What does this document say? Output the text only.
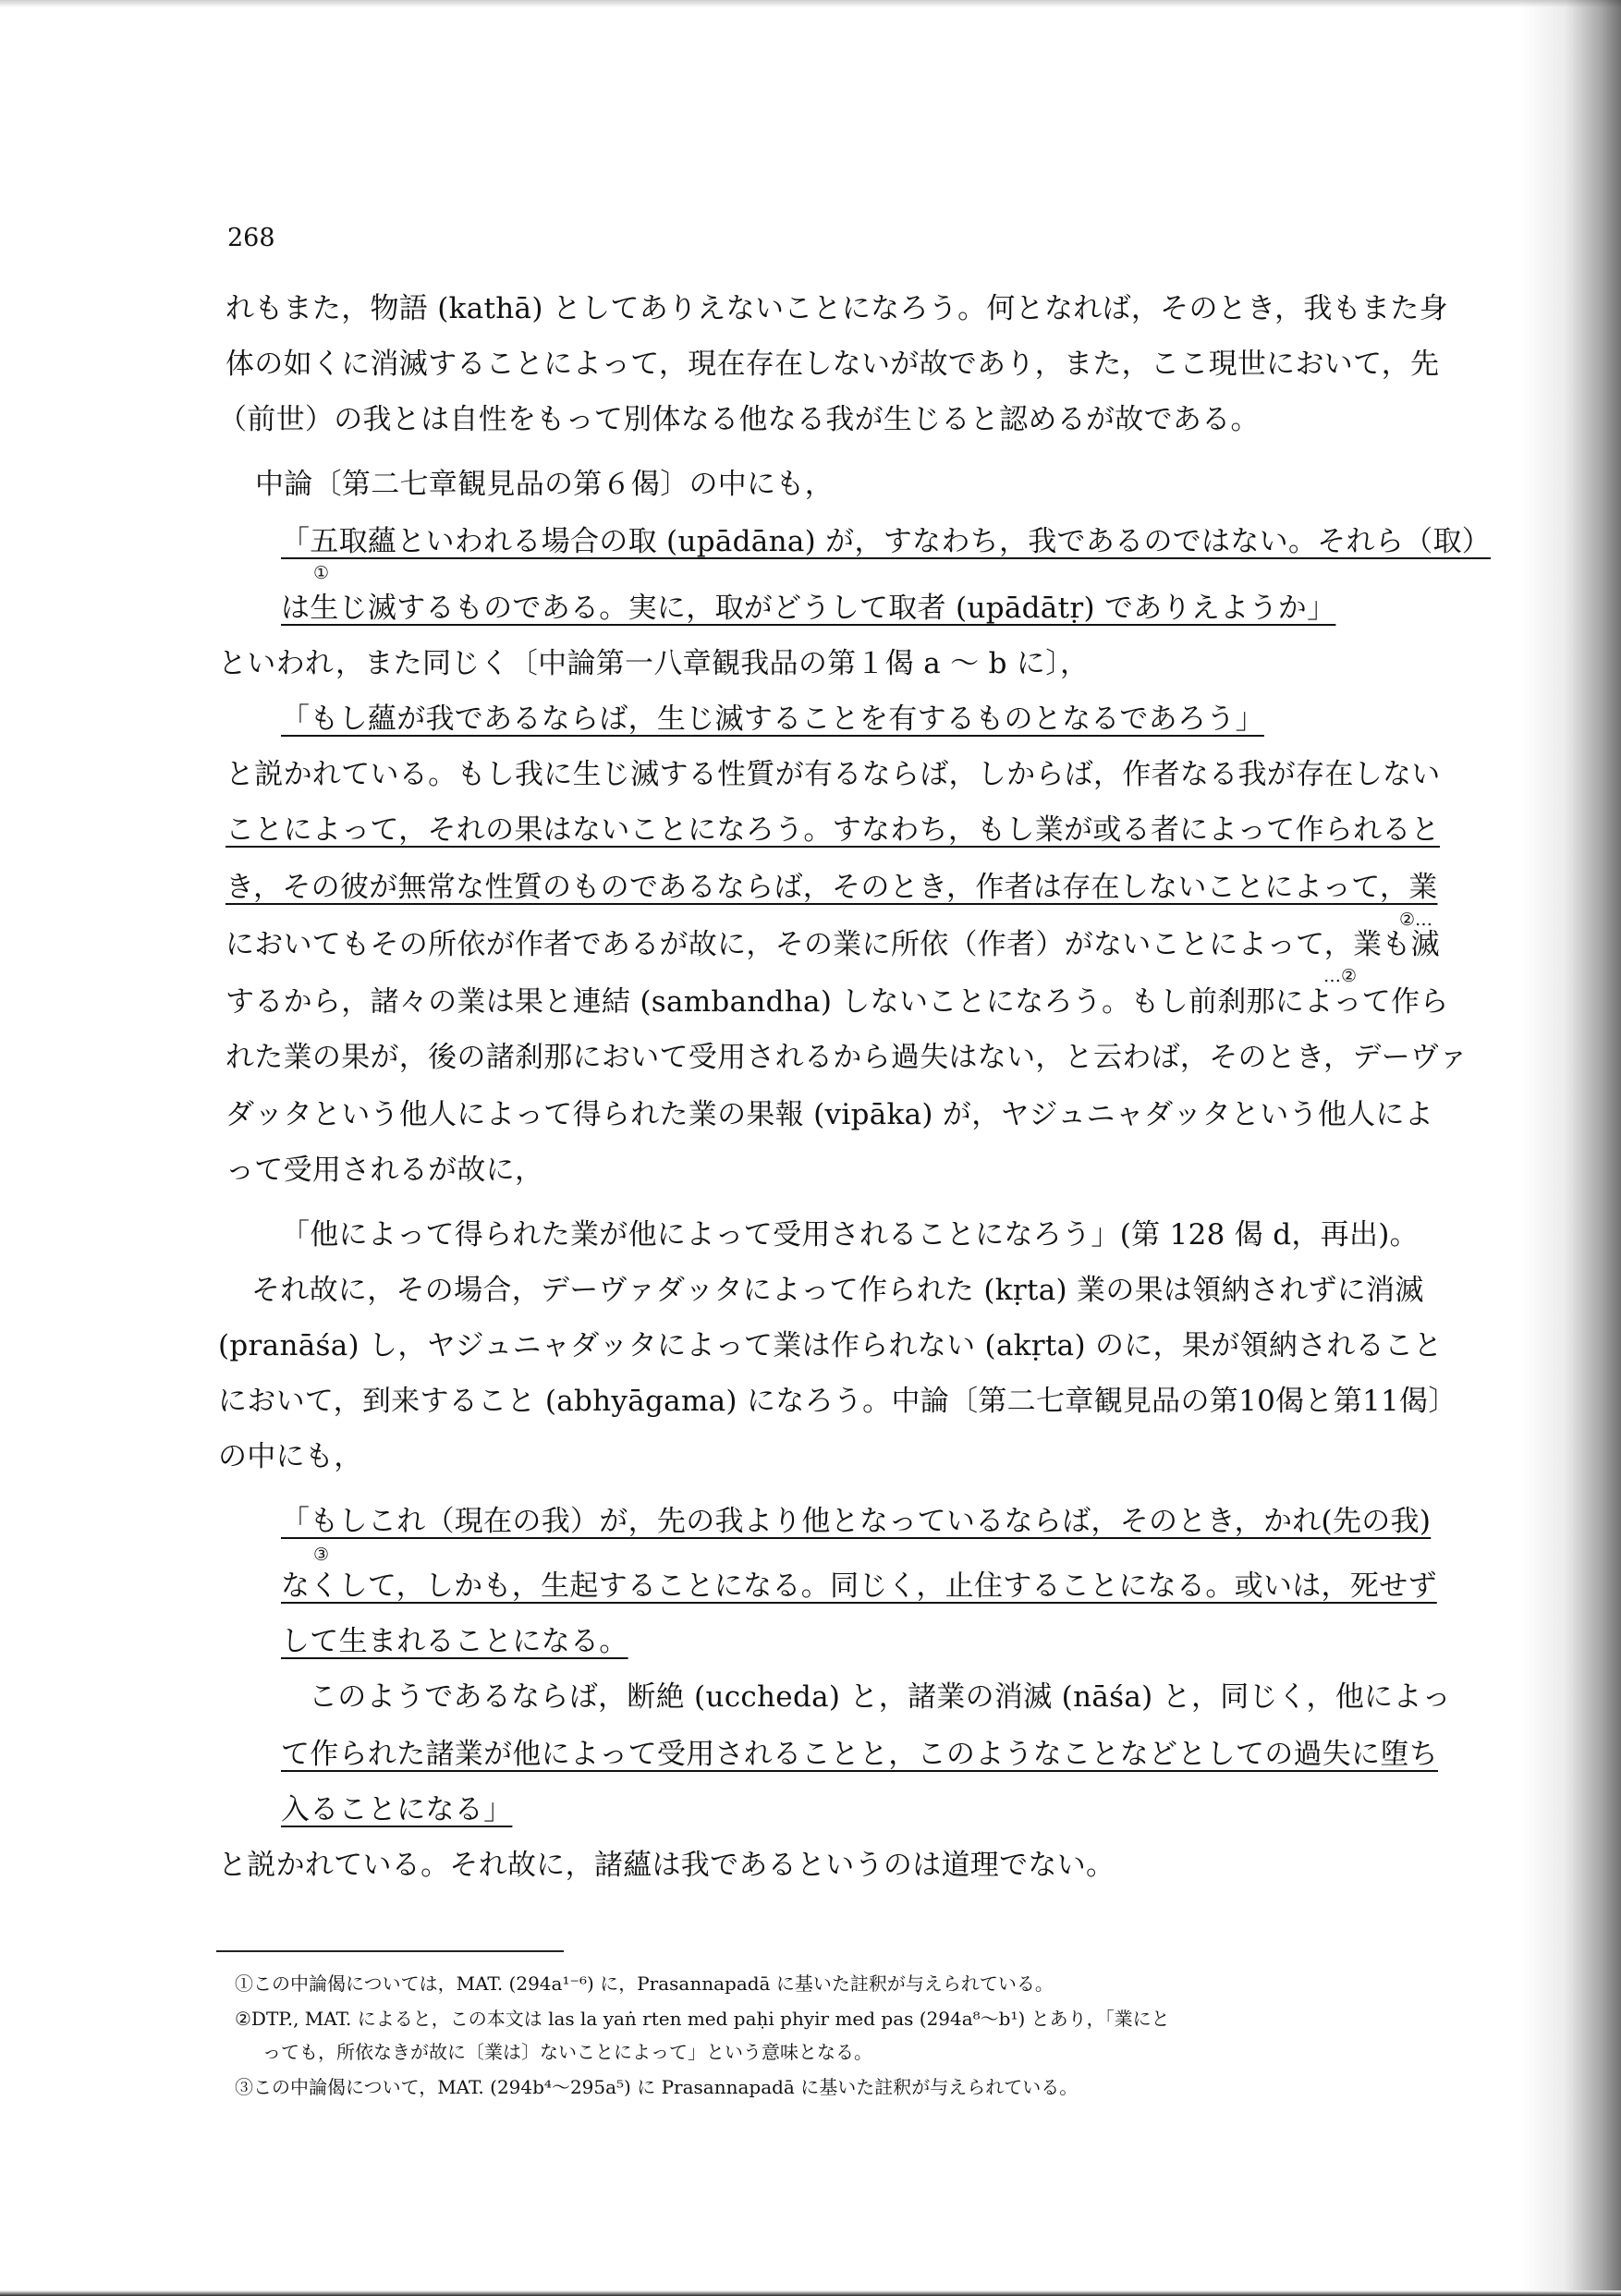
268
れもまた，物語 (kathā) としてありえないことになろう。何となれば，そのとき，我もまた身
体の如くに消滅することによって，現在存在しないが故であり，また，ここ現世において，先
（前世）の我とは自性をもって別体なる他なる我が生じると認めるが故である。
中論〔第二七章観見品の第６偈〕の中にも，
「五取蘊といわれる場合の取 (upādāna) が，すなわち，我であるのではない。それら（取）
は生じ滅するものである。実に，取がどうして取者 (upādātṛ) でありえようか」
といわれ，また同じく〔中論第一八章観我品の第１偈 a ～ b に〕，
「もし蘊が我であるならば，生じ滅することを有するものとなるであろう」
と説かれている。もし我に生じ滅する性質が有るならば，しからば，作者なる我が存在しない
ことによって，それの果はないことになろう。すなわち，もし業が或る者によって作られると
き，その彼が無常な性質のものであるならば，そのとき，作者は存在しないことによって，業
においてもその所依が作者であるが故に，その業に所依（作者）がないことによって，業も滅
するから，諸々の業は果と連結 (sambandha) しないことになろう。もし前刹那によって作ら
れた業の果が，後の諸刹那において受用されるから過失はない，と云わば，そのとき，デーヴァ
ダッタという他人によって得られた業の果報 (vipāka) が，ヤジュニャダッタという他人によ
って受用されるが故に，
「他によって得られた業が他によって受用されることになろう」(第 128 偈 d，再出)。
それ故に，その場合，デーヴァダッタによって作られた (kṛta) 業の果は領納されずに消滅
(pranāśa) し，ヤジュニャダッタによって業は作られない (akṛta) のに，果が領納されること
において，到来すること (abhyāgama) になろう。中論〔第二七章観見品の第10偈と第11偈〕
の中にも，
「もしこれ（現在の我）が，先の我より他となっているならば，そのとき，かれ(先の我)
なくして，しかも，生起することになる。同じく，止住することになる。或いは，死せず
して生まれることになる。
このようであるならば，断絶 (uccheda) と，諸業の消滅 (nāśa) と，同じく，他によっ
て作られた諸業が他によって受用されることと，このようなことなどとしての過失に堕ち
入ることになる」
と説かれている。それ故に，諸蘊は我であるというのは道理でない。
①
②…
…②
③
①この中論偈については，MAT. (294a¹⁻⁶) に，Prasannapadā に基いた註釈が与えられている。
②DTP., MAT. によると，この本文は las la yaṅ rten med paḥi phyir med pas (294a⁸～b¹) とあり，「業にと
っても，所依なきが故に〔業は〕ないことによって」という意味となる。
③この中論偈について，MAT. (294b⁴～295a⁵) に Prasannapadā に基いた註釈が与えられている。
